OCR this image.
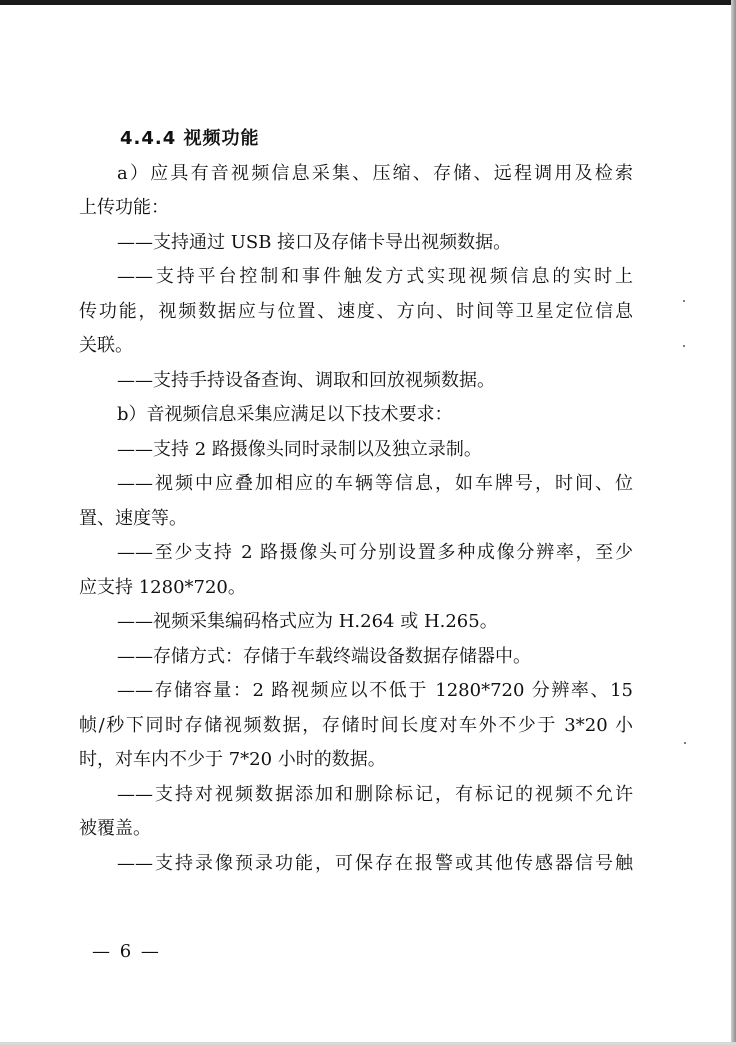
4.4.4 视频功能

a）应具有音视频信息采集、压缩、存储、远程调用及检索

上传功能：

——支持通过 USB 接口及存储卡导出视频数据。

——支持平台控制和事件触发方式实现视频信息的实时上

传功能，视频数据应与位置、速度、方向、时间等卫星定位信息

关联。

——支持手持设备查询、调取和回放视频数据。

b）音视频信息采集应满足以下技术要求：

——支持 2 路摄像头同时录制以及独立录制。

——视频中应叠加相应的车辆等信息，如车牌号，时间、位

置、速度等。

——至少支持 2 路摄像头可分别设置多种成像分辨率，至少

应支持 1280*720。

——视频采集编码格式应为 H.264 或 H.265。

——存储方式：存储于车载终端设备数据存储器中。

——存储容量：2 路视频应以不低于 1280*720 分辨率、15

帧/秒下同时存储视频数据，存储时间长度对车外不少于 3*20 小

时，对车内不少于 7*20 小时的数据。

——支持对视频数据添加和删除标记，有标记的视频不允许

被覆盖。

——支持录像预录功能，可保存在报警或其他传感器信号触

— 6 —
